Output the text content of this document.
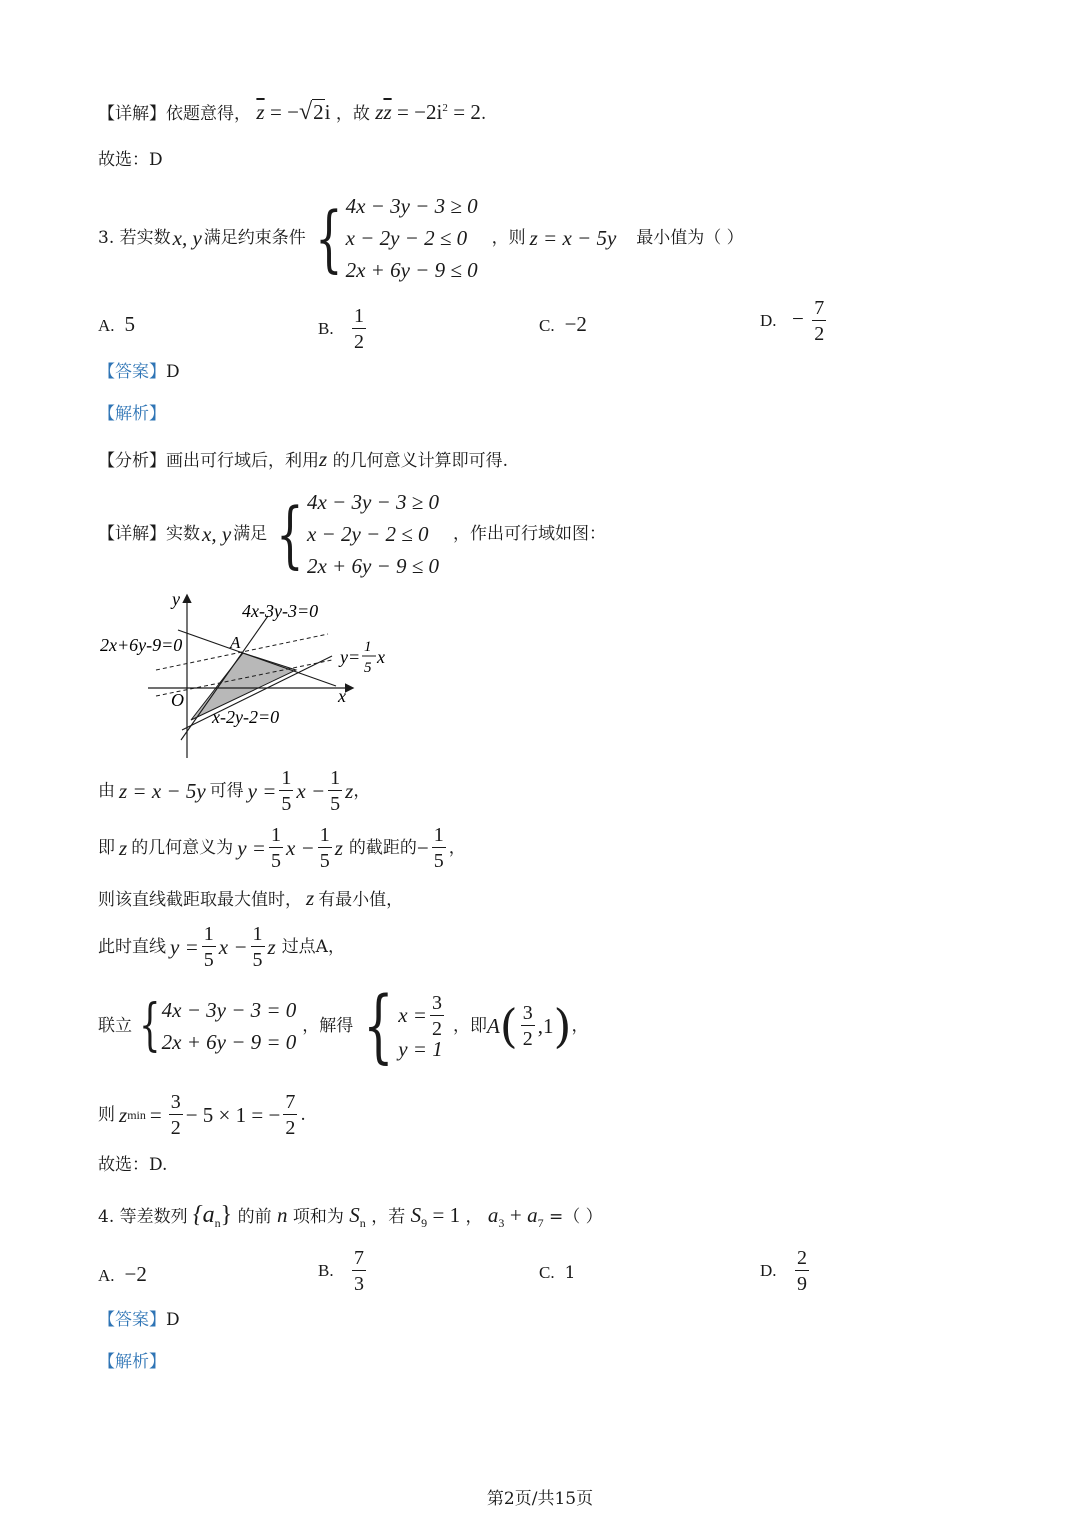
【详解】依题意得， $\overline{z} = -√2i$ ，故 $z\overline{z} = -2i^2 = 2$.
故选：D
3. 若实数 x, y 满足约束条件 { 4x − 3y − 3 ≥ 0
x − 2y − 2 ≤ 0
2x + 6y − 9 ≤ 0
，则 z = x − 5y 最小值为（ ）
A. 5	B. $\frac{1}{2}$	C. −2	D. − $\frac{7}{2}$
【答案】D
【解析】
【分析】画出可行域后，利用z 的几何意义计算即可得.
【详解】 实数 x, y 满足 { 4x − 3y − 3 ≥ 0
x − 2y − 2 ≤ 0
2x + 6y − 9 ≤ 0
，作出可行域如图：
y
x
O
A
4x-3y-3=0
2x+6y-9=0
x-2y-2=0
y= 1
5
x
由 z = x − 5y 可得 $y = \frac{1}{5}$ $x - \frac{1}{5}$ z ，
即 z 的几何意义为 $y = \frac{1}{5}$ $x - \frac{1}{5}$ z 的截距的 − $\frac{1}{5}$ ，
则该直线截距取最大值时， z 有最小值，
此时直线 $y = \frac{1}{5}$ $x - \frac{1}{5}$ z 过点A，
联立 { 4x − 3y − 3 = 0
2x + 6y − 9 = 0
，解得 { $x = \frac{3}{2}$
y = 1
，即 A ( $\frac{3}{2} ,1$ ) ，
则 z $\min = \frac{3}{2} - 5 \times 1$ = − $\frac{7}{2}$ .
故选：D.
4. 等差数列 $\{a_n\}$ 的前 n 项和为 $S_n$ ，若 $S_9 = 1$ ， $a_3 + a_7$ =（ ）
A. −2	B. $\frac{7}{3}$	C. 1	D. $\frac{2}{9}$
【答案】D
【解析】
第2页/共15页
